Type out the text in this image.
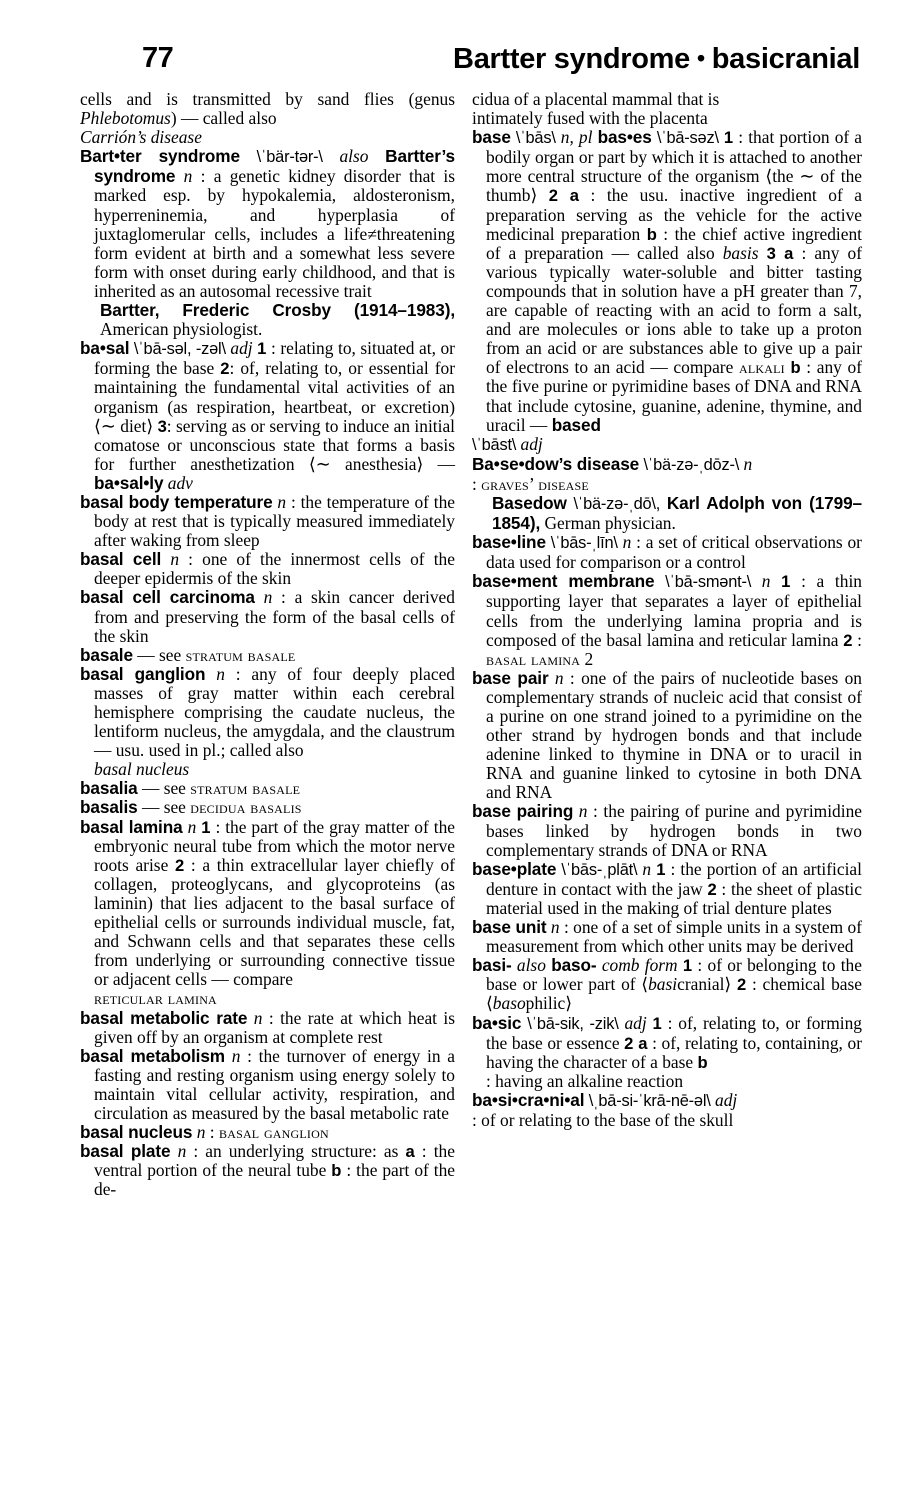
77	Bartter syndrome • basicranial
cells and is transmitted by sand flies (genus Phlebotomus) — called also
Carrión’s disease
Bart•ter syndrome \ˈbär-tər-\ also Bartter’s syndrome n : a genetic kidney disorder that is marked esp. by hypokalemia, aldosteronism, hyperreninemia, and hyperplasia of juxtaglomerular cells, includes a life≠threatening form evident at birth and a somewhat less severe form with onset during early childhood, and that is inherited as an autosomal recessive trait
Bartter, Frederic Crosby (1914–1983), American physiologist.
ba•sal \ˈbā-səl, -zəl\ adj 1 : relating to, situated at, or forming the base 2: of, relating to, or essential for maintaining the fundamental vital activities of an organism (as respiration, heartbeat, or excretion) ⟨∼ diet⟩ 3: serving as or serving to induce an initial comatose or unconscious state that forms a basis for further anesthetization ⟨∼ anesthesia⟩ — ba•sal•ly adv
basal body temperature n : the temperature of the body at rest that is typically measured immediately after waking from sleep
basal cell n : one of the innermost cells of the deeper epidermis of the skin
basal cell carcinoma n : a skin cancer derived from and preserving the form of the basal cells of the skin
basale — see stratum basale
basal ganglion n : any of four deeply placed masses of gray matter within each cerebral hemisphere comprising the caudate nucleus, the lentiform nucleus, the amygdala, and the claustrum — usu. used in pl.; called also
basal nucleus
basalia — see stratum basale
basalis — see decidua basalis
basal lamina n 1 : the part of the gray matter of the embryonic neural tube from which the motor nerve roots arise 2 : a thin extracellular layer chiefly of collagen, proteoglycans, and glycoproteins (as laminin) that lies adjacent to the basal surface of epithelial cells or surrounds individual muscle, fat, and Schwann cells and that separates these cells from underlying or surrounding connective tissue or adjacent cells — compare
reticular lamina
basal metabolic rate n : the rate at which heat is given off by an organism at complete rest
basal metabolism n : the turnover of energy in a fasting and resting organism using energy solely to maintain vital cellular activity, respiration, and circulation as measured by the basal metabolic rate
basal nucleus n : basal ganglion
basal plate n : an underlying structure: as a : the ventral portion of the neural tube b : the part of the de-
cidua of a placental mammal that is
intimately fused with the placenta
base \ˈbās\ n, pl bas•es \ˈbā-səz\ 1 : that portion of a bodily organ or part by which it is attached to another more central structure of the organism ⟨the ∼ of the thumb⟩ 2 a : the usu. inactive ingredient of a preparation serving as the vehicle for the active medicinal preparation b : the chief active ingredient of a preparation — called also basis 3 a : any of various typically water-soluble and bitter tasting compounds that in solution have a pH greater than 7, are capable of reacting with an acid to form a salt, and are molecules or ions able to take up a proton from an acid or are substances able to give up a pair of electrons to an acid — compare alkali b : any of the five purine or pyrimidine bases of DNA and RNA that include cytosine, guanine, adenine, thymine, and uracil — based
\ˈbāst\ adj
Ba•se•dow’s disease \ˈbä-zə-ˌdōz-\ n
: graves’ disease
Basedow \ˈbä-zə-ˌdō\, Karl Adolph von (1799–1854), German physician.
base•line \ˈbās-ˌlīn\ n : a set of critical observations or data used for comparison or a control
base•ment membrane \ˈbā-smənt-\ n 1 : a thin supporting layer that separates a layer of epithelial cells from the underlying lamina propria and is composed of the basal lamina and reticular lamina 2 : basal lamina 2
base pair n : one of the pairs of nucleotide bases on complementary strands of nucleic acid that consist of a purine on one strand joined to a pyrimidine on the other strand by hydrogen bonds and that include adenine linked to thymine in DNA or to uracil in RNA and guanine linked to cytosine in both DNA and RNA
base pairing n : the pairing of purine and pyrimidine bases linked by hydrogen bonds in two complementary strands of DNA or RNA
base•plate \ˈbās-ˌplāt\ n 1 : the portion of an artificial denture in contact with the jaw 2 : the sheet of plastic material used in the making of trial denture plates
base unit n : one of a set of simple units in a system of measurement from which other units may be derived
basi- also baso- comb form 1 : of or belonging to the base or lower part of ⟨basicranial⟩ 2 : chemical base ⟨basophilic⟩
ba•sic \ˈbā-sik, -zik\ adj 1 : of, relating to, or forming the base or essence 2 a : of, relating to, containing, or having the character of a base b
: having an alkaline reaction
ba•si•cra•ni•al \ˌbā-si-ˈkrā-nē-əl\ adj
: of or relating to the base of the skull
